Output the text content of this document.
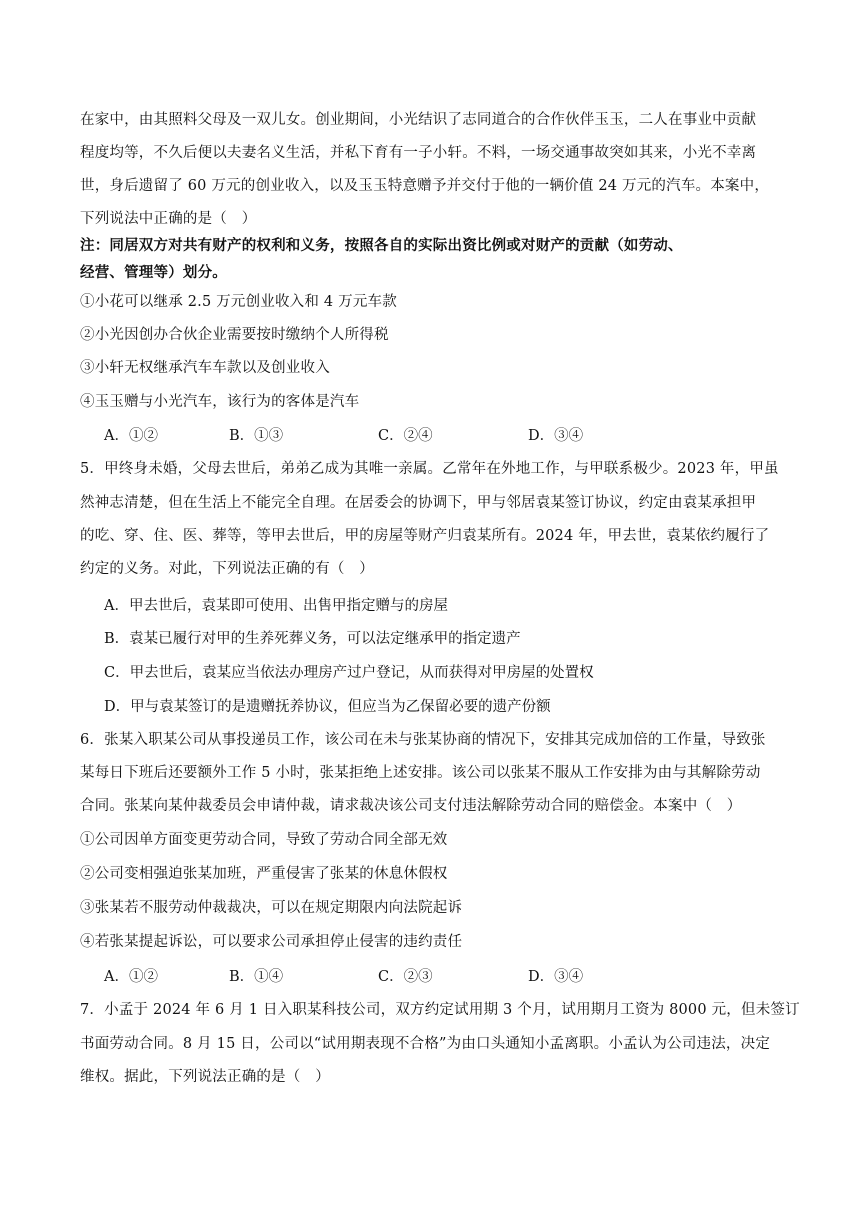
在家中，由其照料父母及一双儿女。创业期间，小光结识了志同道合的合作伙伴玉玉，二人在事业中贡献
程度均等，不久后便以夫妻名义生活，并私下育有一子小轩。不料，一场交通事故突如其来，小光不幸离
世，身后遗留了 60 万元的创业收入，以及玉玉特意赠予并交付于他的一辆价值 24 万元的汽车。本案中，
下列说法中正确的是（　）
注：同居双方对共有财产的权利和义务，按照各自的实际出资比例或对财产的贡献（如劳动、
经营、管理等）划分。
①小花可以继承 2.5 万元创业收入和 4 万元车款
②小光因创办合伙企业需要按时缴纳个人所得税
③小轩无权继承汽车车款以及创业收入
④玉玉赠与小光汽车，该行为的客体是汽车
A．①②	B．①③	C．②④	D．③④
5．甲终身未婚，父母去世后，弟弟乙成为其唯一亲属。乙常年在外地工作，与甲联系极少。2023 年，甲虽
然神志清楚，但在生活上不能完全自理。在居委会的协调下，甲与邻居袁某签订协议，约定由袁某承担甲
的吃、穿、住、医、葬等，等甲去世后，甲的房屋等财产归袁某所有。2024 年，甲去世，袁某依约履行了
约定的义务。对此，下列说法正确的有（　）
A．甲去世后，袁某即可使用、出售甲指定赠与的房屋
B．袁某已履行对甲的生养死葬义务，可以法定继承甲的指定遗产
C．甲去世后，袁某应当依法办理房产过户登记，从而获得对甲房屋的处置权
D．甲与袁某签订的是遗赠抚养协议，但应当为乙保留必要的遗产份额
6．张某入职某公司从事投递员工作，该公司在未与张某协商的情况下，安排其完成加倍的工作量，导致张
某每日下班后还要额外工作 5 小时，张某拒绝上述安排。该公司以张某不服从工作安排为由与其解除劳动
合同。张某向某仲裁委员会申请仲裁，请求裁决该公司支付违法解除劳动合同的赔偿金。本案中（　）
①公司因单方面变更劳动合同，导致了劳动合同全部无效
②公司变相强迫张某加班，严重侵害了张某的休息休假权
③张某若不服劳动仲裁裁决，可以在规定期限内向法院起诉
④若张某提起诉讼，可以要求公司承担停止侵害的违约责任
A．①②	B．①④	C．②③	D．③④
7．小孟于 2024 年 6 月 1 日入职某科技公司，双方约定试用期 3 个月，试用期月工资为 8000 元，但未签订
书面劳动合同。8 月 15 日，公司以“试用期表现不合格”为由口头通知小孟离职。小孟认为公司违法，决定
维权。据此，下列说法正确的是（　）
